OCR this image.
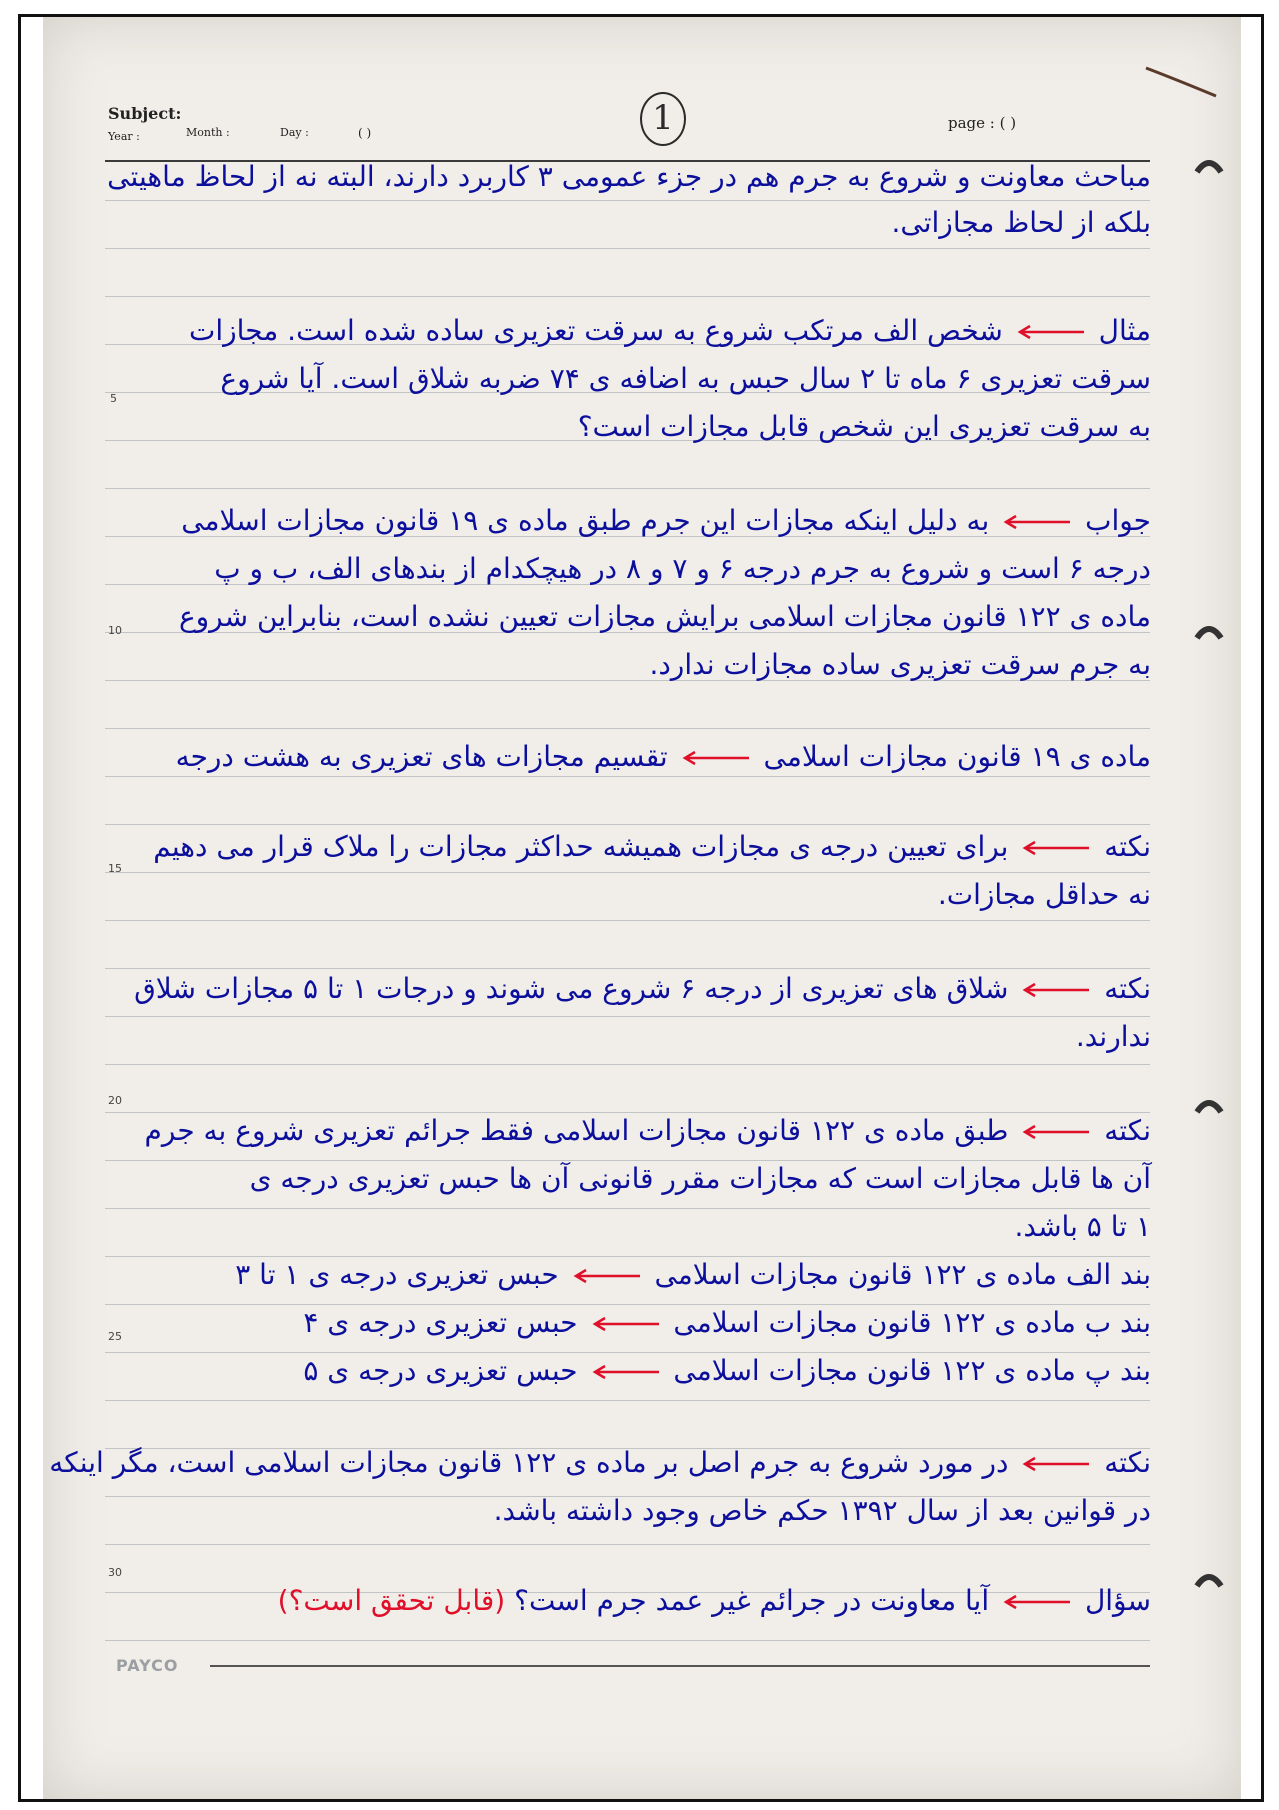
Subject:
Year :	Month :	Day :	( )
page : ( )
1
5
10
15
20
25
30
مباحث معاونت و شروع به جرم هم در جزء عمومی ۳ کاربرد دارند، البته نه از لحاظ ماهیتی
بلکه از لحاظ مجازاتی.
مثال  شخص الف مرتکب شروع به سرقت تعزیری ساده شده است. مجازات
سرقت تعزیری ۶ ماه تا ۲ سال حبس به اضافه ی ۷۴ ضربه شلاق است. آیا شروع
به سرقت تعزیری این شخص قابل مجازات است؟
جواب  به دلیل اینکه مجازات این جرم طبق ماده ی ۱۹ قانون مجازات اسلامی
درجه ۶ است و شروع به جرم درجه ۶ و ۷ و ۸ در هیچکدام از بندهای الف، ب و پ
ماده ی ۱۲۲ قانون مجازات اسلامی برایش مجازات تعیین نشده است، بنابراین شروع
به جرم سرقت تعزیری ساده مجازات ندارد.
ماده ی ۱۹ قانون مجازات اسلامی  تقسیم مجازات های تعزیری به هشت درجه
نکته  برای تعیین درجه ی مجازات همیشه حداکثر مجازات را ملاک قرار می دهیم
نه حداقل مجازات.
نکته  شلاق های تعزیری از درجه ۶ شروع می شوند و درجات ۱ تا ۵ مجازات شلاق
ندارند.
نکته  طبق ماده ی ۱۲۲ قانون مجازات اسلامی فقط جرائم تعزیری شروع به جرم
آن ها قابل مجازات است که مجازات مقرر قانونی آن ها حبس تعزیری درجه ی
۱ تا ۵ باشد.
بند الف ماده ی ۱۲۲ قانون مجازات اسلامی  حبس تعزیری درجه ی ۱ تا ۳
بند ب ماده ی ۱۲۲ قانون مجازات اسلامی  حبس تعزیری درجه ی ۴
بند پ ماده ی ۱۲۲ قانون مجازات اسلامی  حبس تعزیری درجه ی ۵
نکته  در مورد شروع به جرم اصل بر ماده ی ۱۲۲ قانون مجازات اسلامی است، مگر اینکه
در قوانین بعد از سال ۱۳۹۲ حکم خاص وجود داشته باشد.
سؤال  آیا معاونت در جرائم غیر عمد جرم است؟ (قابل تحقق است؟)
PAYCO
